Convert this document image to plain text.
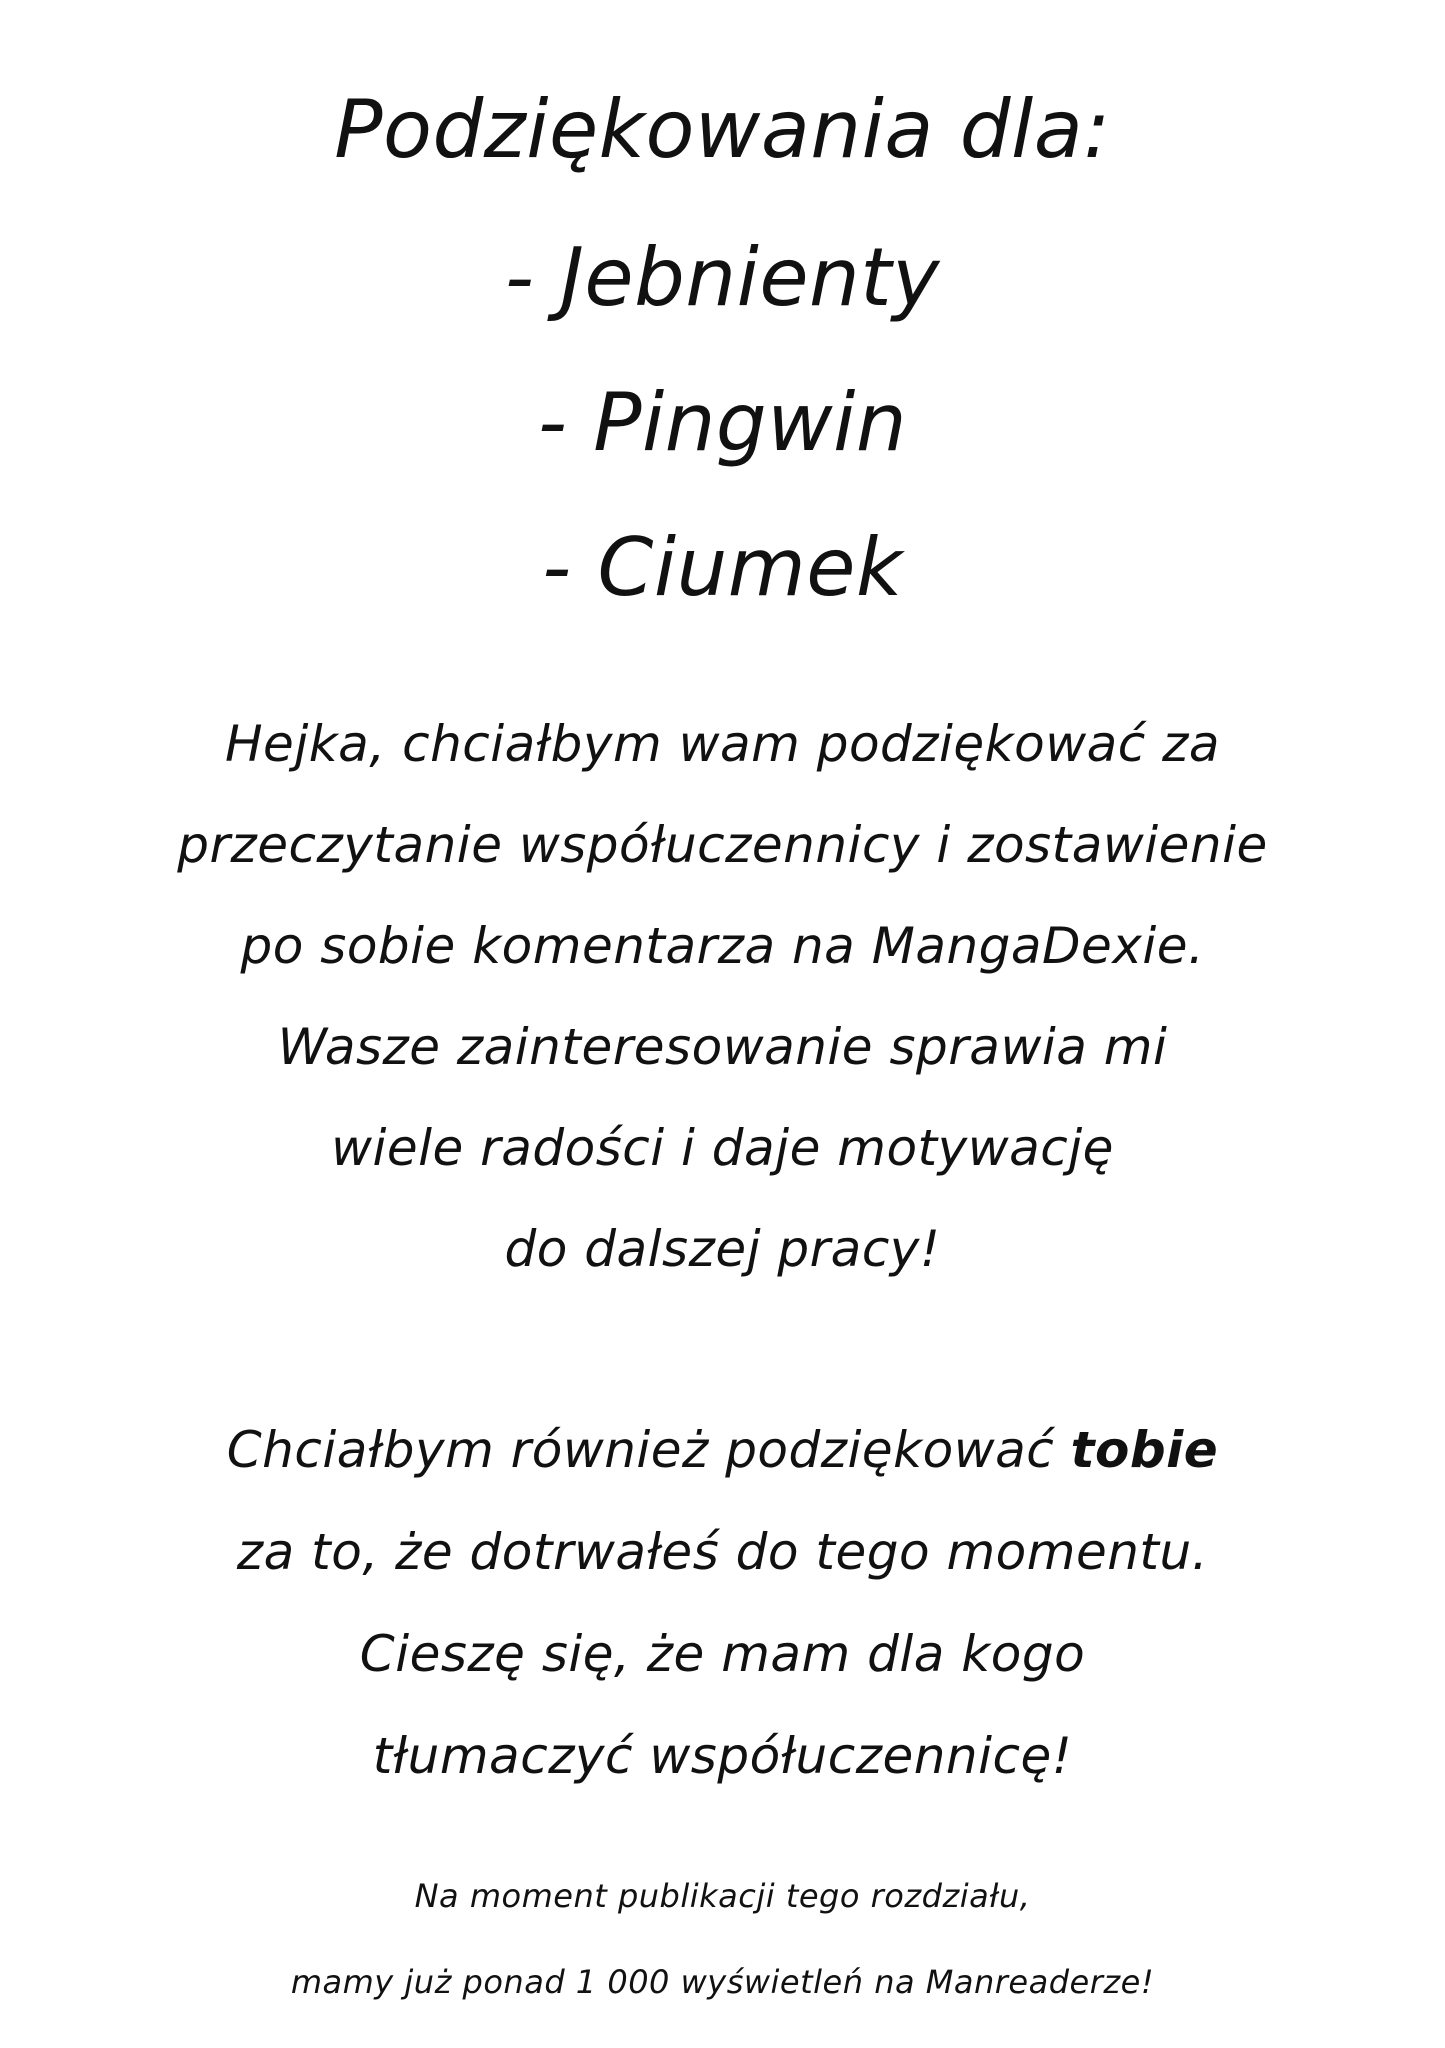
Podziękowania dla:
- Jebnienty
- Pingwin
- Ciumek
Hejka, chciałbym wam podziękować za
przeczytanie współuczennicy i zostawienie
po sobie komentarza na MangaDexie.
Wasze zainteresowanie sprawia mi
wiele radości i daje motywację
do dalszej pracy!
Chciałbym również podziękować tobie
za to, że dotrwałeś do tego momentu.
Cieszę się, że mam dla kogo
tłumaczyć współuczennicę!
Na moment publikacji tego rozdziału,
mamy już ponad 1 000 wyświetleń na Manreaderze!
